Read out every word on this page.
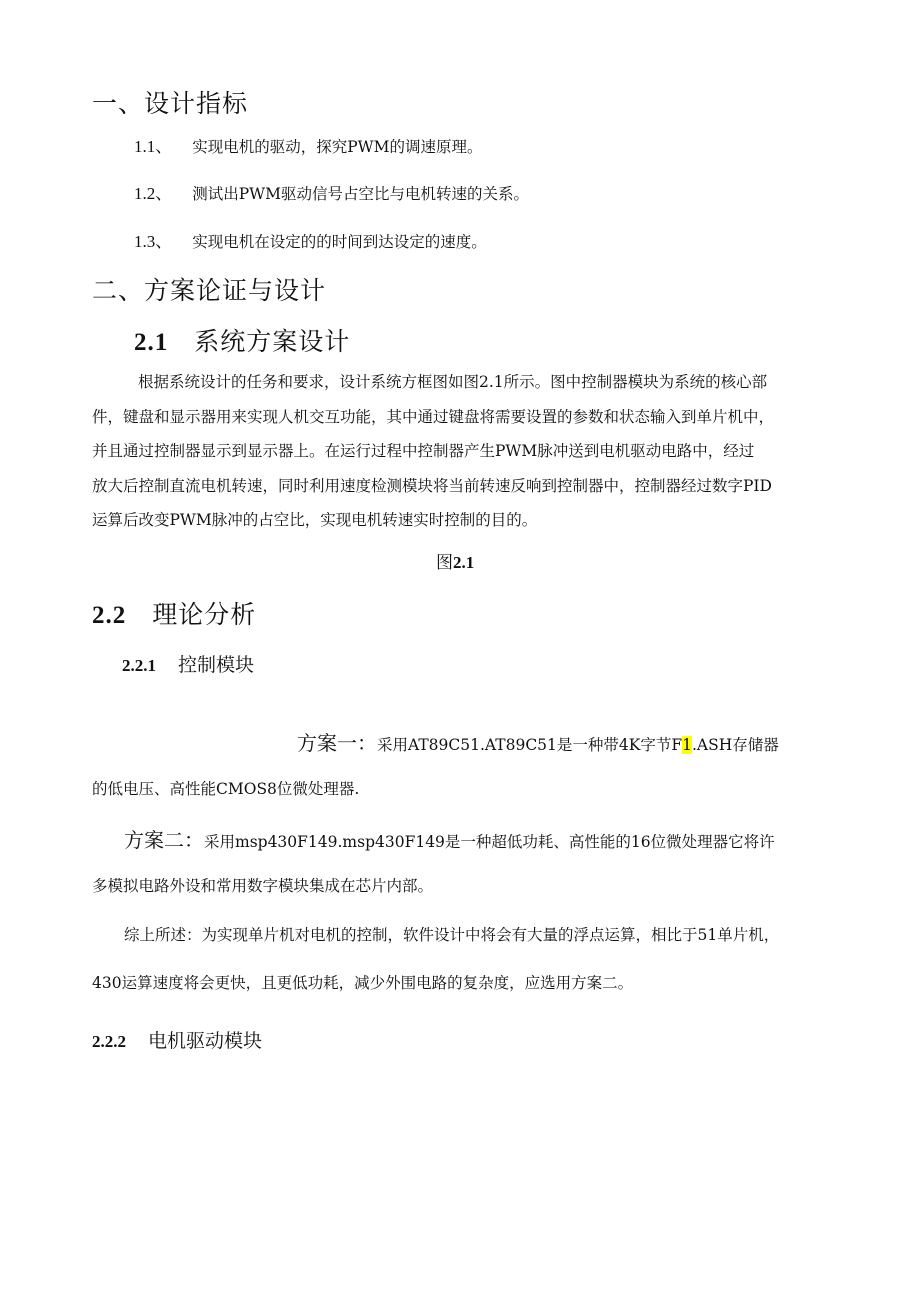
一、设计指标
1.1、 实现电机的驱动，探究PWM的调速原理。
1.2、 测试出PWM驱动信号占空比与电机转速的关系。
1.3、 实现电机在设定的的时间到达设定的速度。
二、方案论证与设计
2.1 系统方案设计

根据系统设计的任务和要求，设计系统方框图如图2.1所示。图中控制器模块为系统的核心部

件，键盘和显示器用来实现人机交互功能，其中通过键盘将需要设置的参数和状态输入到单片机中，

并且通过控制器显示到显示器上。在运行过程中控制器产生PWM脉冲送到电机驱动电路中，经过

放大后控制直流电机转速，同时利用速度检测模块将当前转速反响到控制器中，控制器经过数字PID

运算后改变PWM脉冲的占空比，实现电机转速实时控制的目的。

图2.1
2.2 理论分析
2.2.1 控制模块
方案一：采用AT89C51.AT89C51是一种带4K字节F1.ASH存储器
的低电压、高性能CMOS8位微处理器.
方案二：采用msp430F149.msp430F149是一种超低功耗、高性能的16位微处理器它将许
多模拟电路外设和常用数字模块集成在芯片内部。
综上所述：为实现单片机对电机的控制，软件设计中将会有大量的浮点运算，相比于51单片机，
430运算速度将会更快，且更低功耗，减少外围电路的复杂度，应选用方案二。
2.2.2 电机驱动模块
